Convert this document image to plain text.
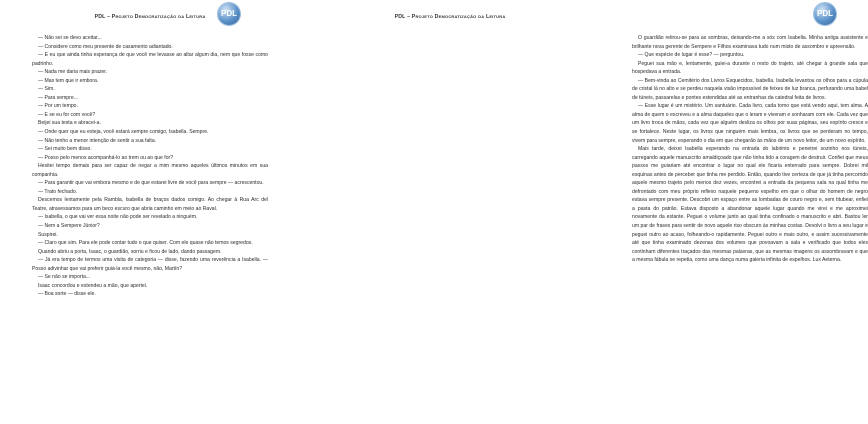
PDL – Projeto Democratização da Leitura	PDL

— Não sei se devo aceitar...

— Considere como meu presente de casamento adiantado.

— E eu que ainda tinha esperança de que você me levasse ao altar algum dia, nem que fosse como padrinho.

— Nada me daria mais prazer.

— Mas tem que ir embora.

— Sim.

— Para sempre...

— Por um tempo.

— E se eu for com você?

Beijei sua testa e abracei-a.

— Onde quer que eu esteja, você estará sempre comigo, Isabella. Sempre.

— Não tenho a menor intenção de sentir a sua falta.

— Sei muito bem disso.

— Posso pelo menos acompanhá-lo ao trem ou ao que for?

Hesitei tempo demais para ser capaz de negar a mim mesmo aqueles últimos minutos em sua companhia.

— Para garantir que vai embora mesmo e de que estarei livre de você para sempre — acrescentou.

— Trato fechado.

Descemos lentamente pela Rambla, Isabella de braços dados comigo. Ao chegar à Rua Arc del Teatre, atravessamos para um beco escuro que abria caminho em meio ao Raval.

— Isabella, o que vai ver essa noite não pode ser revelado a ninguém.

— Nem a Sempere Júnior?

Suspirei.

— Claro que sim. Para ele pode contar tudo o que quiser. Com ele quase não temos segredos.

Quando abriu a porta, Isaac, o guardião, sorriu e ficou de lado, dando passagem.

— Já era tempo de termos uma visita de categoria — disse, fazendo uma reverência a Isabella. — Posso adivinhar que vai preferir guiá-la você mesmo, não, Martín?

— Se não se importa...

Isaac concordou e estendeu a mão, que apertei.

— Boa sorte — disse ele.

PDL – Projeto Democratização da Leitura	PDL

O guardião retirou-se para as sombras, deixando-me a sós com Isabella. Minha antiga assistente e brilhante nova gerente de Sempere e Filhos examinava tudo num misto de assombro e apreensão.

— Que espécie de lugar é esse? — perguntou.

Peguei sua mão e, lentamente, guiei-a durante o resto do trajeto, até chegar à grande sala que hospedava a entrada.

— Bem-vinda ao Cemitério dos Livros Esquecidos, Isabella. Isabella levantou os olhos para a cúpula de cristal lá no alto e se perdeu naquela visão impossível de feixes de luz branca, perfurando uma babel de túneis, passarelas e pontes estendidas até as entranhas da catedral feita de livros.

— Esse lugar é um mistério. Um santuário. Cada livro, cada tomo que está vendo aqui, tem alma. A alma de quem o escreveu e a alma daqueles que o leram e viveram e sonharam com ele. Cada vez que um livro troca de mãos, cada vez que alguém desliza os olhos por suas páginas, seu espírito cresce e se fortalece. Neste lugar, os livros que ninguém mais lembra, os livros que se perderam no tempo, vivem para sempre, esperando o dia em que chegarão às mãos de um novo leitor, de um novo espírito.

Mais tarde, deixei Isabella esperando na entrada do labirinto e penetrei sozinho nos túneis, carregando aquele manuscrito amaldiçoado que não tinha tido a coragem de destruir. Confiei que meus passos me guiariam até encontrar o lugar no qual ele ficaria enterrado para sempre. Dobrei mil esquinas antes de perceber que tinha me perdido. Então, quando tive certeza de que já tinha percorrido aquele mesmo trajeto pelo menos dez vezes, encontrei a entrada da pequena sala na qual tinha me defrontado com meu próprio reflexo naquele pequeno espelho em que o olhar do homem de negro estava sempre presente. Descobri um espaço entre as lombadas de couro negro e, sem titubear, enfiei a pasta do patrão. Estava disposto a abandonar aquele lugar quando me virei e me aproximei novamente da estante. Peguei o volume junto ao qual tinha confinado o manuscrito e abri. Bastou ler um par de frases para sentir de novo aquele riso obscuro às minhas costas. Devolvi o livro a seu lugar e peguei outro ao acaso, folheando-o rapidamente. Peguei outro e mais outro, e assim sucessivamente até que tinha examinado dezenas dos volumes que povoavam a sala e verificado que todos eles continham diferentes traçados das mesmas palavras, que as mesmas imagens os assombravam e que a mesma fábula se repetia, como uma dança numa galeria infinita de espelhos. Lux Aeterna.
